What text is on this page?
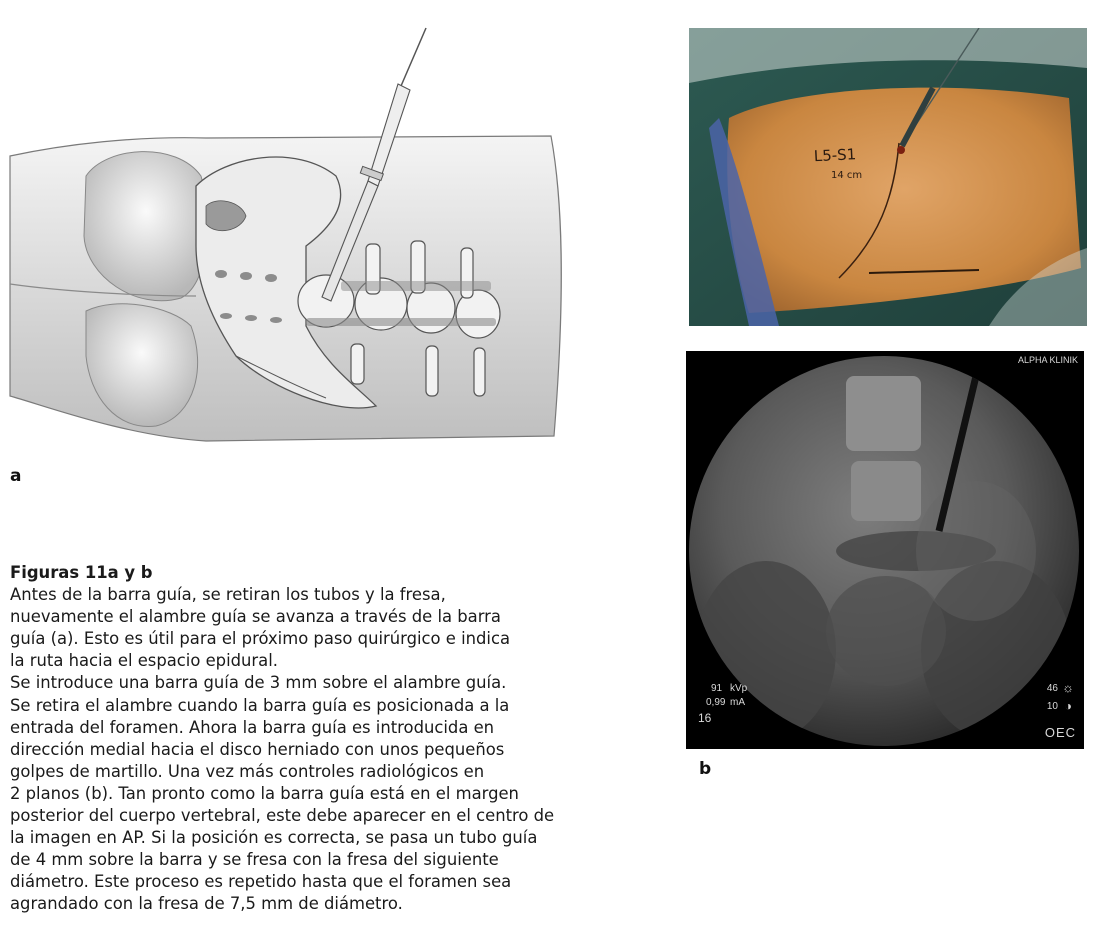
a
L5-S1
14 cm
ALPHA KLINIK
91 kVp
0,99 mA
16
46 ☼
10 ◑
OEC
b
Figuras 11a y b
Antes de la barra guía, se retiran los tubos y la fresa,
nuevamente el alambre guía se avanza a través de la barra
guía (a). Esto es útil para el próximo paso quirúrgico e indica
la ruta hacia el espacio epidural.
Se introduce una barra guía de 3 mm sobre el alambre guía.
Se retira el alambre cuando la barra guía es posicionada a la
entrada del foramen. Ahora la barra guía es introducida en
dirección medial hacia el disco herniado con unos pequeños
golpes de martillo. Una vez más controles radiológicos en
2 planos (b). Tan pronto como la barra guía está en el margen
posterior del cuerpo vertebral, este debe aparecer en el centro de
la imagen en AP. Si la posición es correcta, se pasa un tubo guía
de 4 mm sobre la barra y se fresa con la fresa del siguiente
diámetro. Este proceso es repetido hasta que el foramen sea
agrandado con la fresa de 7,5 mm de diámetro.
